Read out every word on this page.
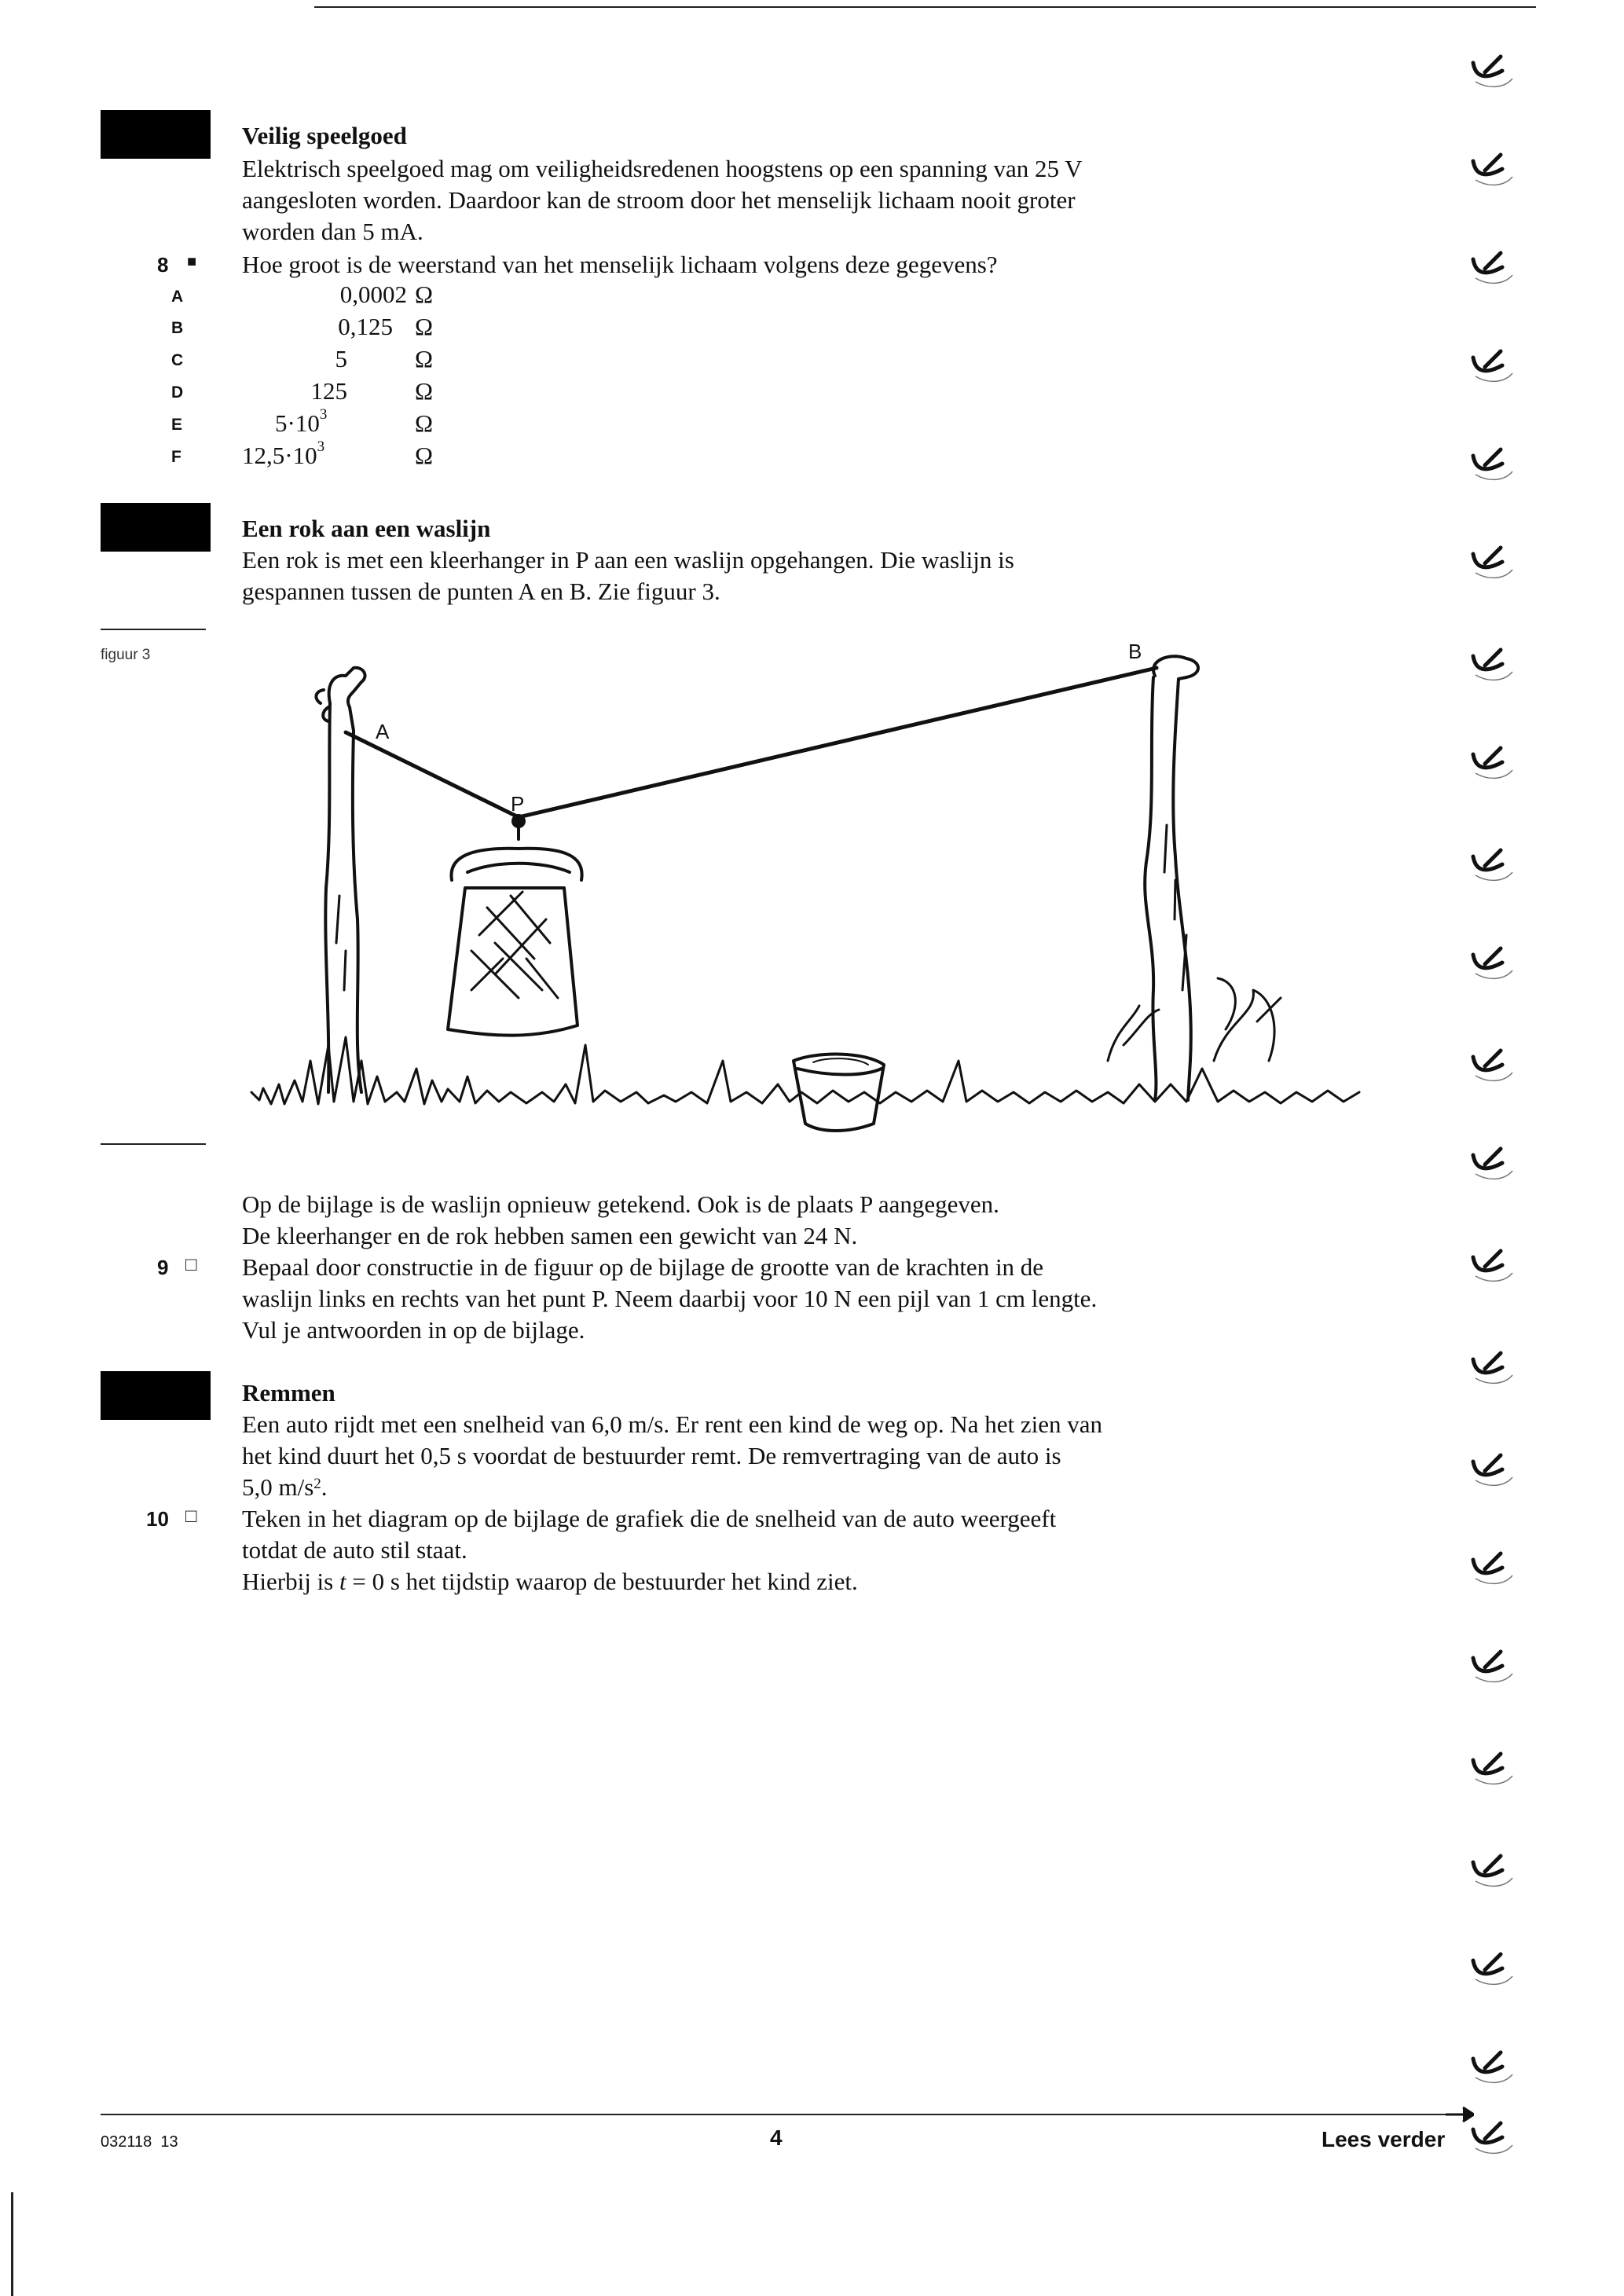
Veilig speelgoed
Elektrisch speelgoed mag om veiligheidsredenen hoogstens op een spanning van 25 V
aangesloten worden. Daardoor kan de stroom door het menselijk lichaam nooit groter
worden dan 5 mA.
8 ■ Hoe groot is de weerstand van het menselijk lichaam volgens deze gegevens?
A	0,0002 Ω
B	0,125 Ω
C	5	Ω
D	125	Ω
E	$5\cdot 10^3$	Ω
F $12,5\cdot 10^3$	Ω
Een rok aan een waslijn
Een rok is met een kleerhanger in P aan een waslijn opgehangen. Die waslijn is
gespannen tussen de punten A en B. Zie figuur 3.
figuur 3
A
P
B
Op de bijlage is de waslijn opnieuw getekend. Ook is de plaats P aangegeven.
De kleerhanger en de rok hebben samen een gewicht van 24 N.
9 □ Bepaal door constructie in de figuur op de bijlage de grootte van de krachten in de
waslijn links en rechts van het punt P. Neem daarbij voor 10 N een pijl van 1 cm lengte.
Vul je antwoorden in op de bijlage.
Remmen
Een auto rijdt met een snelheid van 6,0 m/s. Er rent een kind de weg op. Na het zien van
het kind duurt het 0,5 s voordat de bestuurder remt. De remvertraging van de auto is
5,0 $m/s^2$.
10 □ Teken in het diagram op de bijlage de grafiek die de snelheid van de auto weergeeft
totdat de auto stil staat.
Hierbij is t = 0 s het tijdstip waarop de bestuurder het kind ziet.
032118  13	4	Lees verder
